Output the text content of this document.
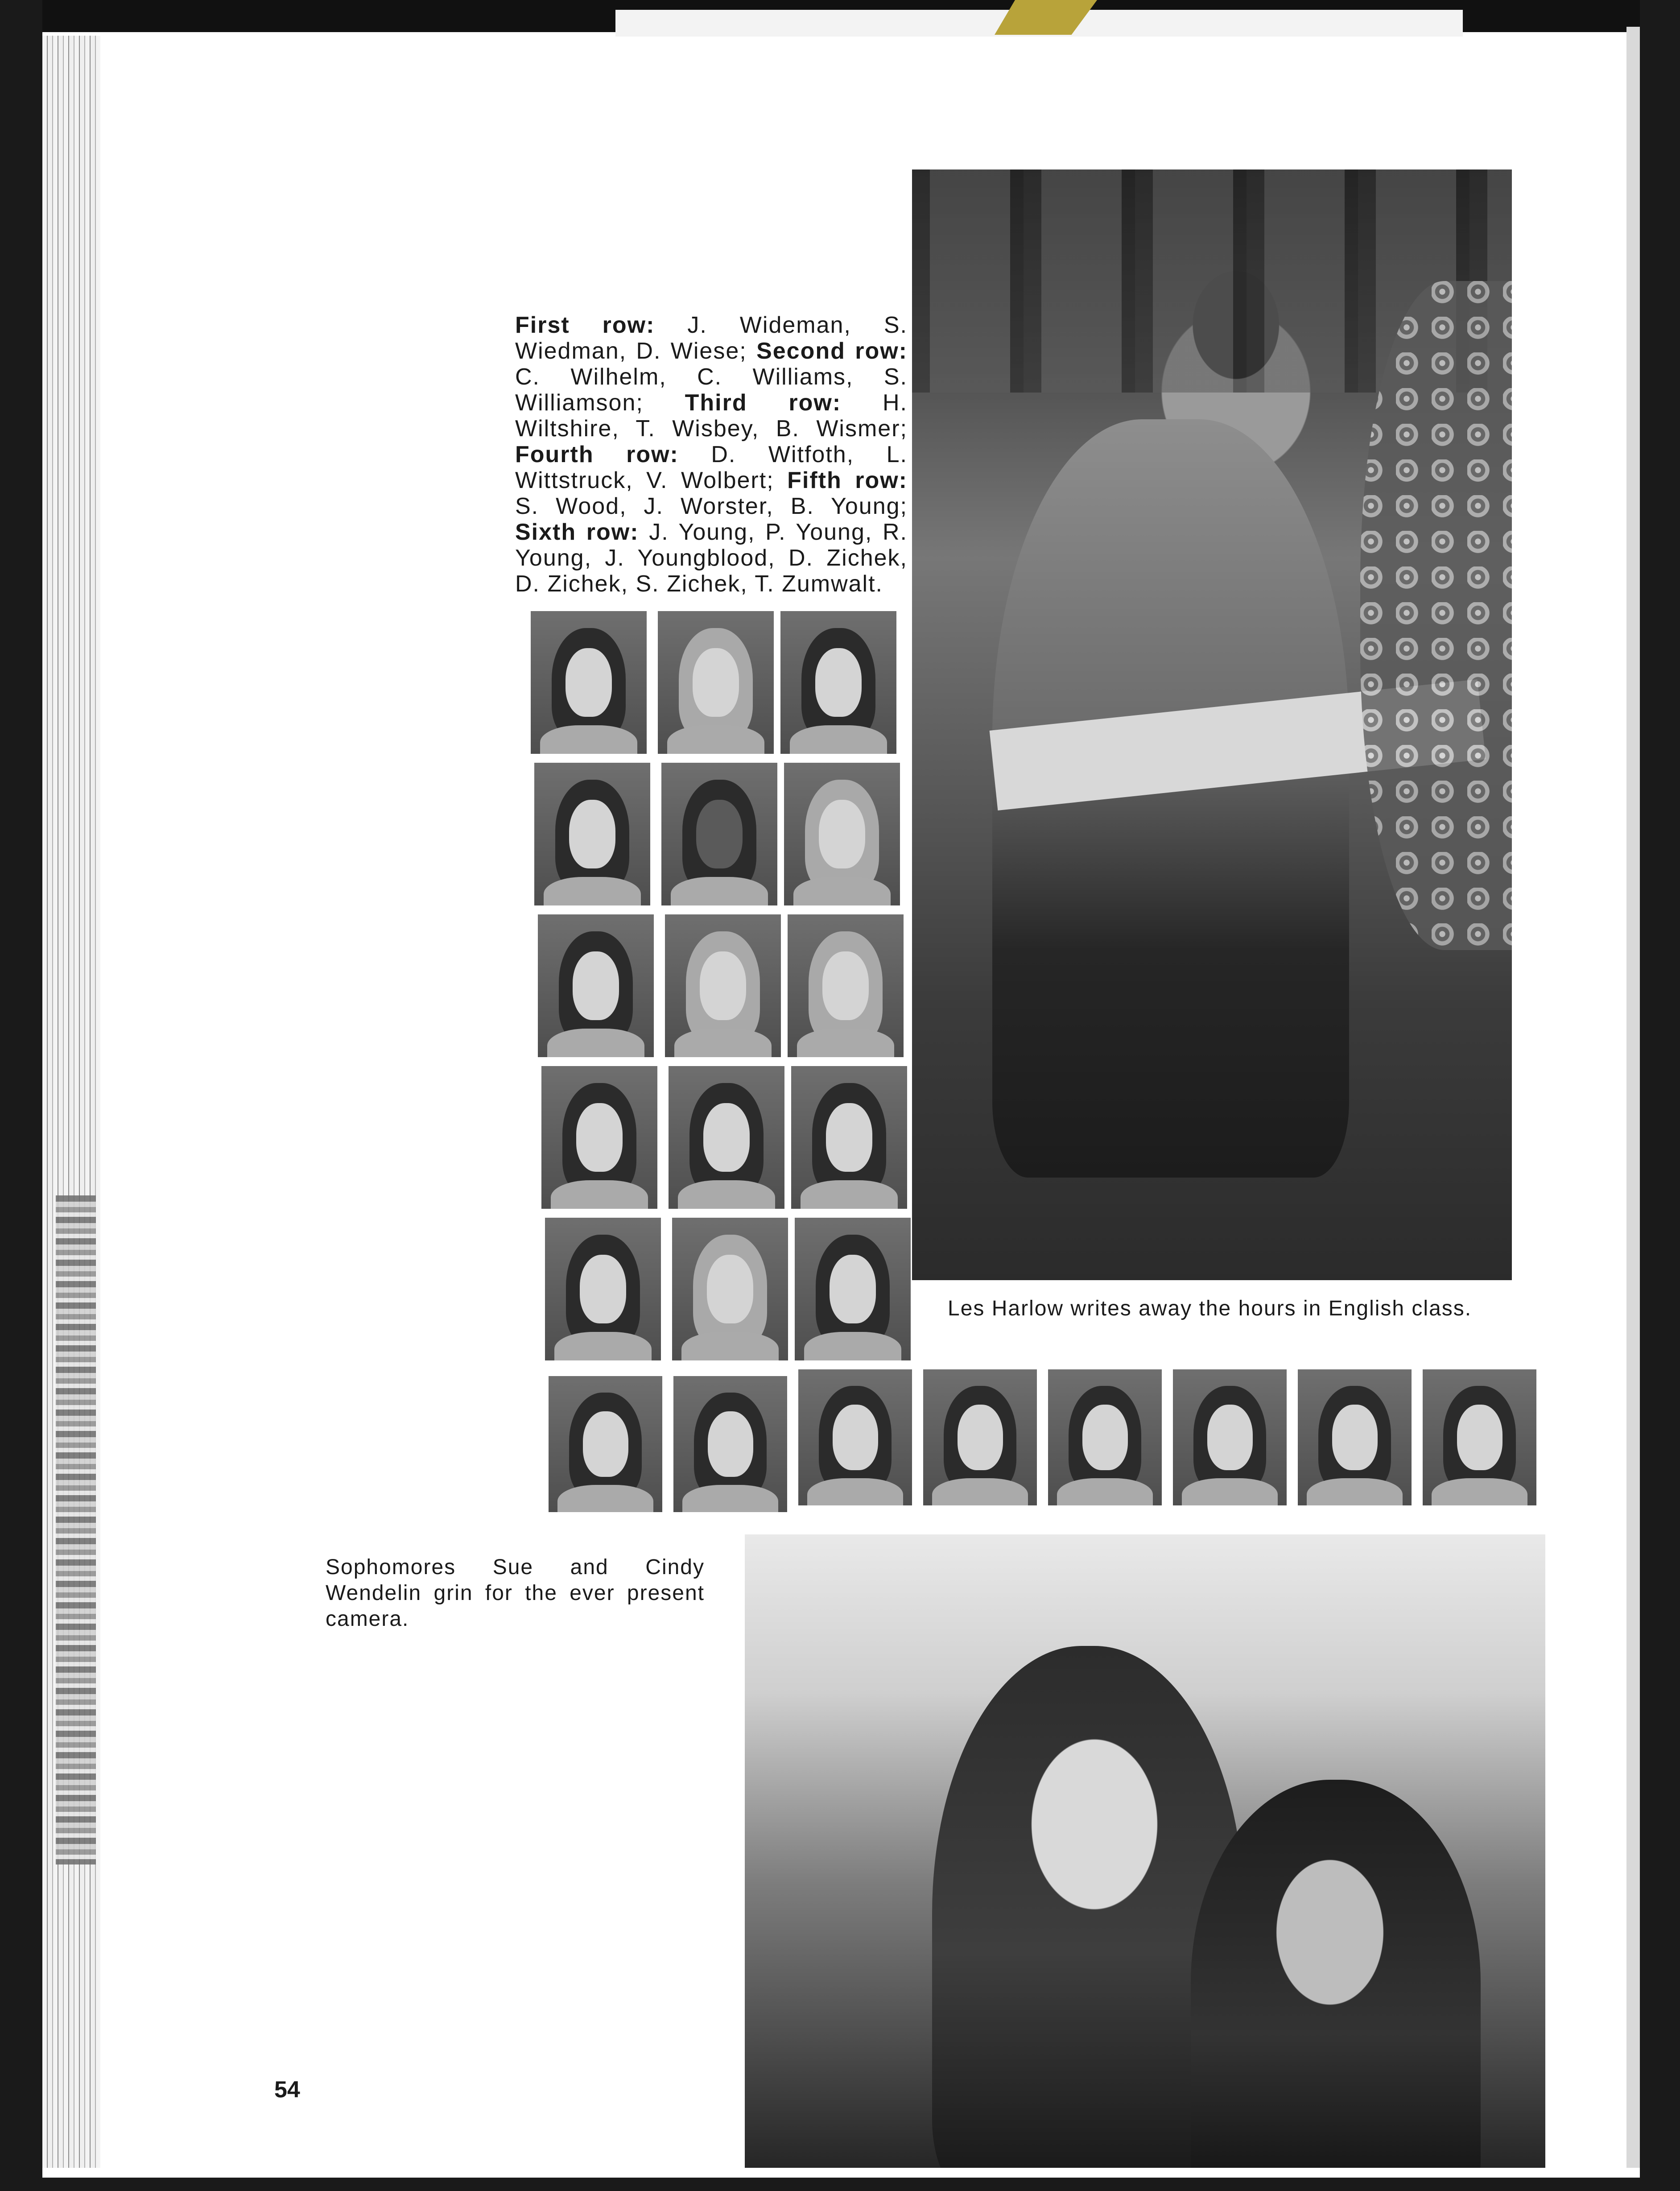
First row: J. Wideman, S. Wiedman, D. Wiese; Second row: C. Wilhelm, C. Williams, S. Williamson; Third row: H. Wiltshire, T. Wisbey, B. Wismer; Fourth row: D. Witfoth, L. Wittstruck, V. Wolbert; Fifth row: S. Wood, J. Worster, B. Young; Sixth row: J. Young, P. Young, R. Young, J. Youngblood, D. Zichek, D. Zichek, S. Zichek, T. Zumwalt.
Les Harlow writes away the hours in English class.
Sophomores Sue and Cindy Wendelin grin for the ever present camera.
54
